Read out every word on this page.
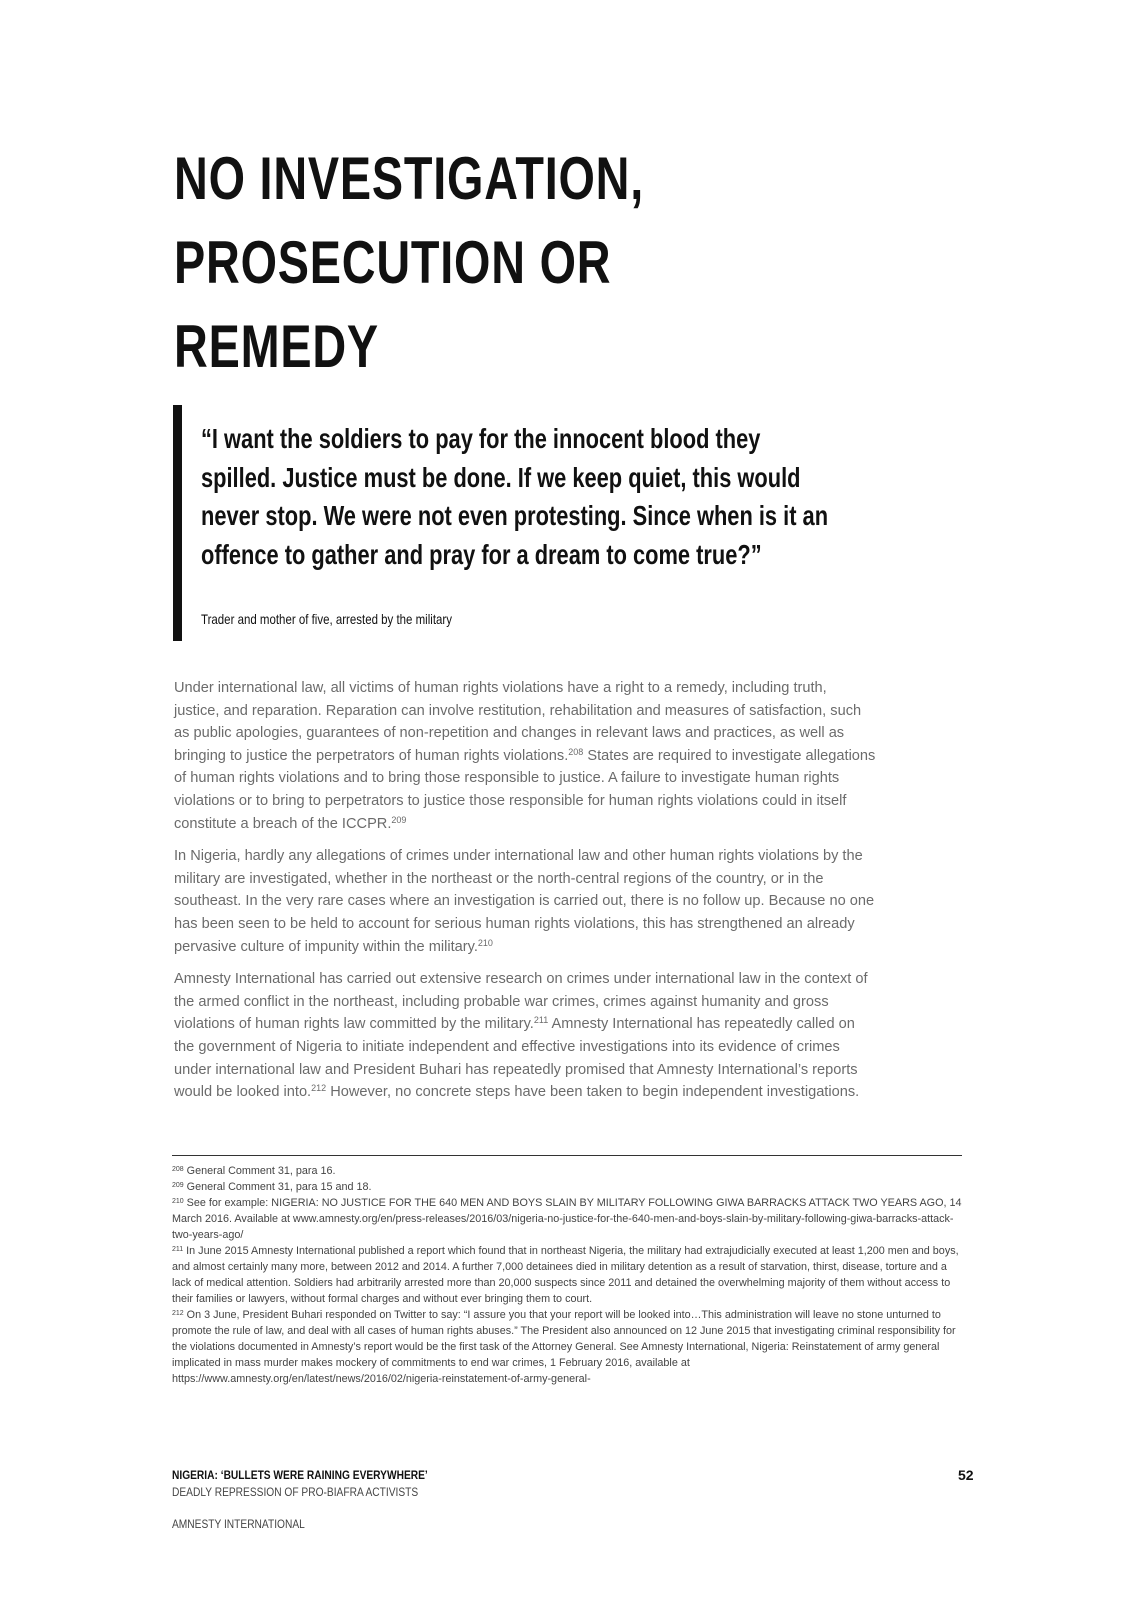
NO INVESTIGATION,
PROSECUTION OR
REMEDY
“I want the soldiers to pay for the innocent blood they
spilled. Justice must be done. If we keep quiet, this would
never stop. We were not even protesting. Since when is it an
offence to gather and pray for a dream to come true?”
Trader and mother of five, arrested by the military

Under international law, all victims of human rights violations have a right to a remedy, including truth,
justice, and reparation. Reparation can involve restitution, rehabilitation and measures of satisfaction, such
as public apologies, guarantees of non-repetition and changes in relevant laws and practices, as well as
bringing to justice the perpetrators of human rights violations.$^{208}$ States are required to investigate allegations
of human rights violations and to bring those responsible to justice. A failure to investigate human rights
violations or to bring to perpetrators to justice those responsible for human rights violations could in itself
constitute a breach of the ICCPR.$^{209}$

In Nigeria, hardly any allegations of crimes under international law and other human rights violations by the
military are investigated, whether in the northeast or the north-central regions of the country, or in the
southeast. In the very rare cases where an investigation is carried out, there is no follow up. Because no one
has been seen to be held to account for serious human rights violations, this has strengthened an already
pervasive culture of impunity within the military.$^{210}$

Amnesty International has carried out extensive research on crimes under international law in the context of
the armed conflict in the northeast, including probable war crimes, crimes against humanity and gross
violations of human rights law committed by the military.$^{211}$ Amnesty International has repeatedly called on
the government of Nigeria to initiate independent and effective investigations into its evidence of crimes
under international law and President Buhari has repeatedly promised that Amnesty International’s reports
would be looked into.$^{212}$ However, no concrete steps have been taken to begin independent investigations.

$^{208}$ General Comment 31, para 16.

$^{209}$ General Comment 31, para 15 and 18.

$^{210}$ See for example: NIGERIA: NO JUSTICE FOR THE 640 MEN AND BOYS SLAIN BY MILITARY FOLLOWING GIWA BARRACKS ATTACK TWO YEARS AGO, 14 March 2016. Available at www.amnesty.org/en/press-releases/2016/03/nigeria-no-justice-for-the-640-men-and-boys-slain-by-military-following-giwa-barracks-attack-two-years-ago/

$^{211}$ In June 2015 Amnesty International published a report which found that in northeast Nigeria, the military had extrajudicially executed at least 1,200 men and boys, and almost certainly many more, between 2012 and 2014. A further 7,000 detainees died in military detention as a result of starvation, thirst, disease, torture and a lack of medical attention. Soldiers had arbitrarily arrested more than 20,000 suspects since 2011 and detained the overwhelming majority of them without access to their families or lawyers, without formal charges and without ever bringing them to court.

$^{212}$ On 3 June, President Buhari responded on Twitter to say: “I assure you that your report will be looked into…This administration will leave no stone unturned to promote the rule of law, and deal with all cases of human rights abuses.” The President also announced on 12 June 2015 that investigating criminal responsibility for the violations documented in Amnesty’s report would be the first task of the Attorney General. See Amnesty International, Nigeria: Reinstatement of army general implicated in mass murder makes mockery of commitments to end war crimes, 1 February 2016, available at https://www.amnesty.org/en/latest/news/2016/02/nigeria-reinstatement-of-army-general-

NIGERIA: ‘BULLETS WERE RAINING EVERYWHERE’
DEADLY REPRESSION OF PRO-BIAFRA ACTIVISTS
AMNESTY INTERNATIONAL
52
